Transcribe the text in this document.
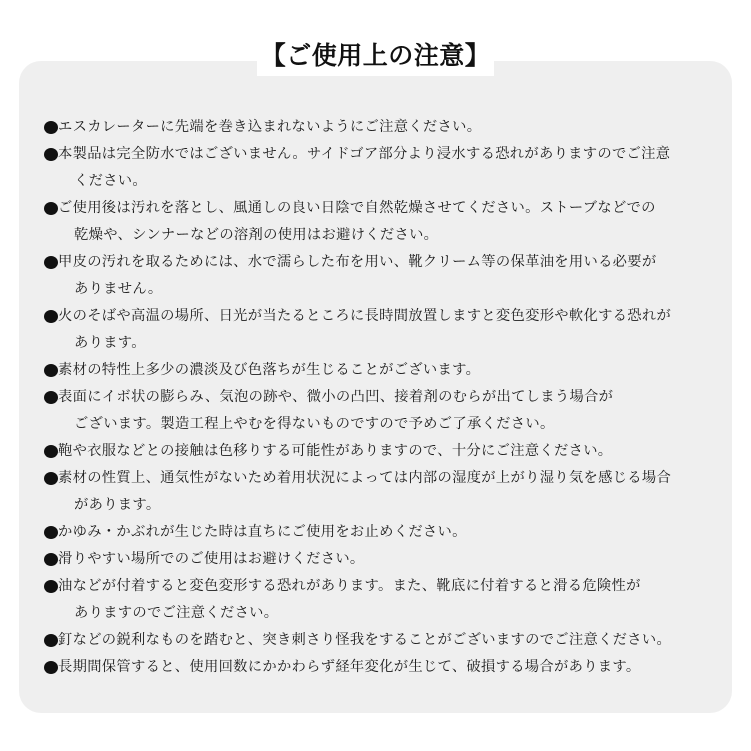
【ご使用上の注意】
エスカレーターに先端を巻き込まれないようにご注意ください。
本製品は完全防水ではございません。サイドゴア部分より浸水する恐れがありますのでご注意
ください。
ご使用後は汚れを落とし、風通しの良い日陰で自然乾燥させてください。ストーブなどでの
乾燥や、シンナーなどの溶剤の使用はお避けください。
甲皮の汚れを取るためには、水で濡らした布を用い、靴クリーム等の保革油を用いる必要が
ありません。
火のそばや高温の場所、日光が当たるところに長時間放置しますと変色変形や軟化する恐れが
あります。
素材の特性上多少の濃淡及び色落ちが生じることがございます。
表面にイボ状の膨らみ、気泡の跡や、微小の凸凹、接着剤のむらが出てしまう場合が
ございます。製造工程上やむを得ないものですので予めご了承ください。
鞄や衣服などとの接触は色移りする可能性がありますので、十分にご注意ください。
素材の性質上、通気性がないため着用状況によっては内部の湿度が上がり湿り気を感じる場合
があります。
かゆみ・かぶれが生じた時は直ちにご使用をお止めください。
滑りやすい場所でのご使用はお避けください。
油などが付着すると変色変形する恐れがあります。また、靴底に付着すると滑る危険性が
ありますのでご注意ください。
釘などの鋭利なものを踏むと、突き刺さり怪我をすることがございますのでご注意ください。
長期間保管すると、使用回数にかかわらず経年変化が生じて、破損する場合があります。
